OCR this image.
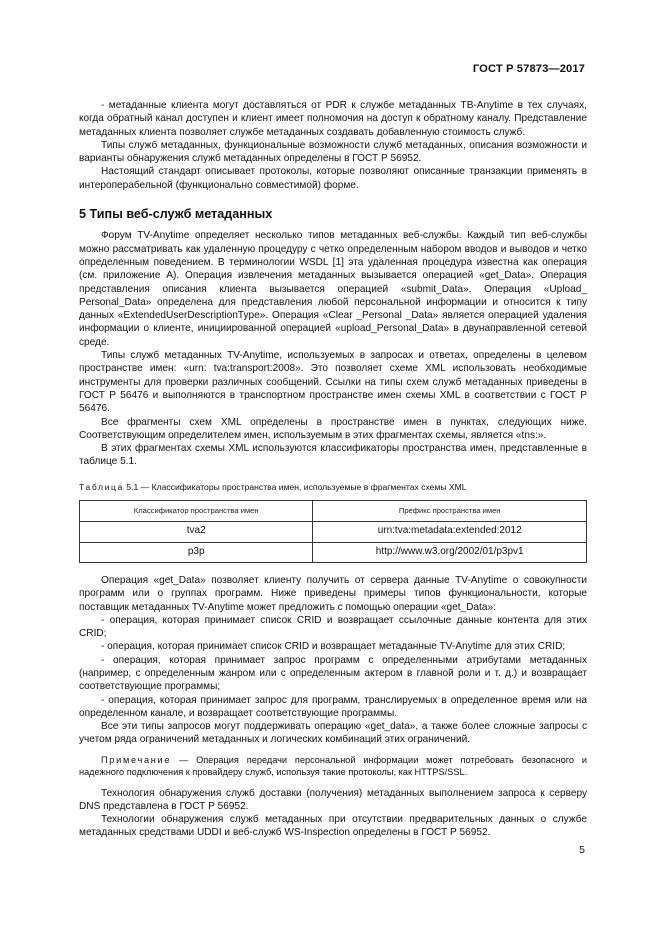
ГОСТ Р 57873—2017

- метаданные клиента могут доставляться от PDR к службе метаданных TB-Anytime в тех случаях, когда обратный канал доступен и клиент имеет полномочия на доступ к обратному каналу. Представление метаданных клиента позволяет службе метаданных создавать добавленную стоимость служб.

Типы служб метаданных, функциональные возможности служб метаданных, описания возможности и варианты обнаружения служб метаданных определены в ГОСТ Р 56952.

Настоящий стандарт описывает протоколы, которые позволяют описанные транзакции применять в интероперабельной (функционально совместимой) форме.

5 Типы веб-служб метаданных

Форум TV-Anytime определяет несколько типов метаданных веб-службы. Каждый тип веб-службы можно рассматривать как удаленную процедуру с четко определенным набором вводов и выводов и четко определенным поведением. В терминологии WSDL [1] эта удаленная процедура известна как операция (см. приложение А). Операция извлечения метаданных вызывается операцией «get_Data». Операция представления описания клиента вызывается операцией «submit_Data». Операция «Upload_ Personal_Data» определена для представления любой персональной информации и относится к типу данных «ExtendedUserDescriptionType». Операция «Clear _Personal _Data» является операцией удаления информации о клиенте, инициированной операцией «upload_Personal_Data» в двунаправленной сетевой среде.

Типы служб метаданных TV-Anytime, используемых в запросах и ответах, определены в целевом пространстве имен: «urn: tva:transport:2008». Это позволяет схеме XML использовать необходимые инструменты для проверки различных сообщений. Ссылки на типы схем служб метаданных приведены в ГОСТ Р 56476 и выполняются в транспортном пространстве имен схемы XML в соответствии с ГОСТ Р 56476.

Все фрагменты схем XML определены в пространстве имен в пунктах, следующих ниже. Соответствующим определителем имен, используемым в этих фрагментах схемы, является «tns:».

В этих фрагментах схемы XML используются классификаторы пространства имен, представленные в таблице 5.1.

Таблица 5.1 — Классификаторы пространства имен, используемые в фрагментах схемы XML
Классификатор пространства имен	Префикс пространства имен
tva2	urn:tva:metadata:extended:2012
p3p	http://www.w3.org/2002/01/p3pv1

Операция «get_Data» позволяет клиенту получить от сервера данные TV-Anytime о совокупности программ или о группах программ. Ниже приведены примеры типов функциональности, которые поставщик метаданных TV-Anytime может предложить с помощью операции «get_Data»:

- операция, которая принимает список CRID и возвращает ссылочные данные контента для этих CRID;

- операция, которая принимает список CRID и возвращает метаданные TV-Anytime для этих CRID;

- операция, которая принимает запрос программ с определенными атрибутами метаданных (например, с определенным жанром или с определенным актером в главной роли и т. д.) и возвращает соответствующие программы;

- операция, которая принимает запрос для программ, транслируемых в определенное время или на определенном канале, и возвращает соответствующие программы.

Все эти типы запросов могут поддерживать операцию «get_data», а также более сложные запросы с учетом ряда ограничений метаданных и логических комбинаций этих ограничений.

Примечание — Операция передачи персональной информации может потребовать безопасного и надежного подключения к провайдеру служб, используя такие протоколы, как HTTPS/SSL.

Технология обнаружения служб доставки (получения) метаданных выполнением запроса к серверу DNS представлена в ГОСТ Р 56952.

Технологии обнаружения служб метаданных при отсутствии предварительных данных о службе метаданных средствами UDDI и веб-служб WS-Inspection определены в ГОСТ Р 56952.

5
